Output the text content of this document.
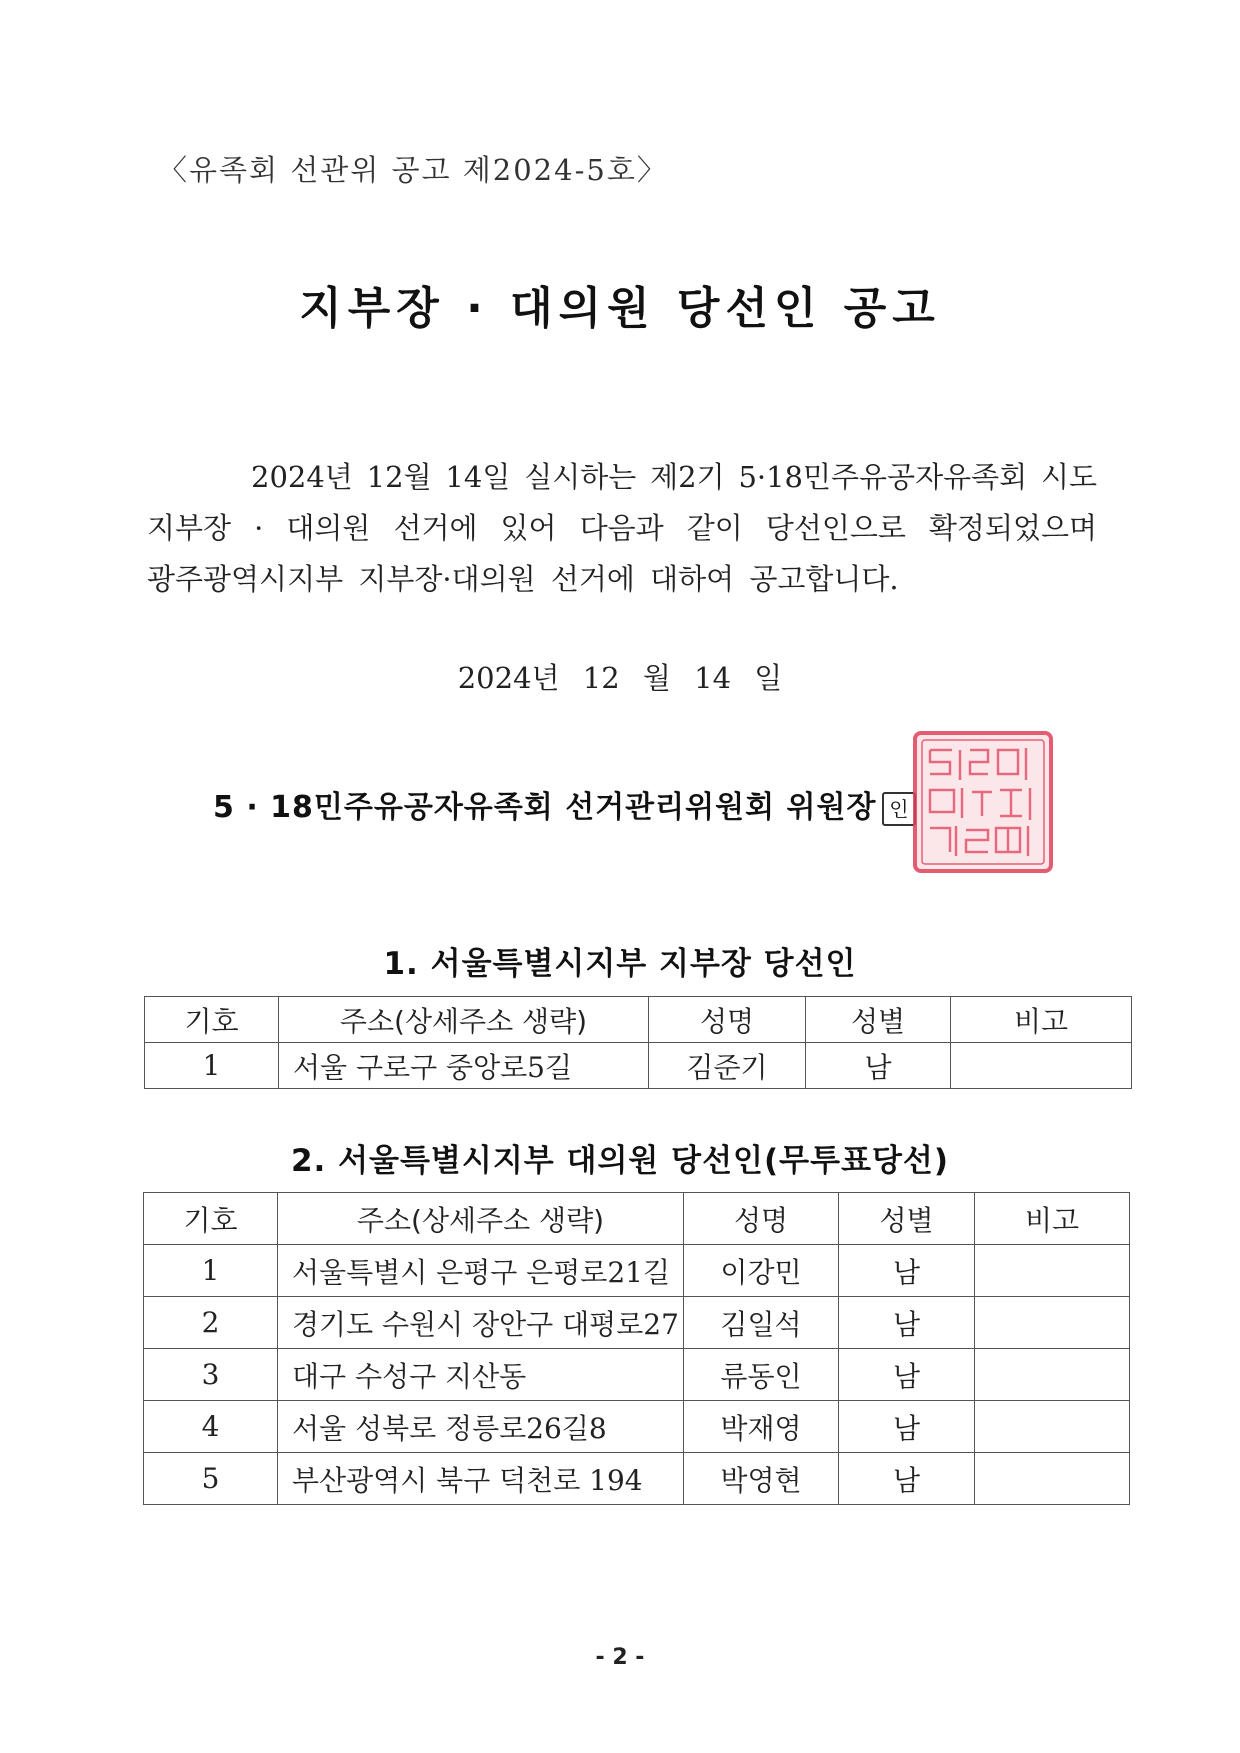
〈유족회 선관위 공고 제2024-5호〉
지부장 · 대의원 당선인 공고

2024년 12월 14일 실시하는 제2기 5·18민주유공자유족회 시도

지부장 · 대의원 선거에 있어 다음과 같이 당선인으로 확정되었으며

광주광역시지부 지부장·대의원 선거에 대하여 공고합니다.

2024년 12 월 14 일
5 · 18민주유공자유족회 선거관리위원회 위원장 인
1. 서울특별시지부 지부장 당선인
기호	주소(상세주소 생략)	성명	성별	비고
1	서울 구로구 중앙로5길	김준기	남	
2. 서울특별시지부 대의원 당선인(무투표당선)
기호	주소(상세주소 생략)	성명	성별	비고
1	서울특별시 은평구 은평로21길	이강민	남	
2	경기도 수원시 장안구 대평로27	김일석	남	
3	대구 수성구 지산동	류동인	남	
4	서울 성북로 정릉로26길8	박재영	남	
5	부산광역시 북구 덕천로 194	박영현	남	
- 2 -
